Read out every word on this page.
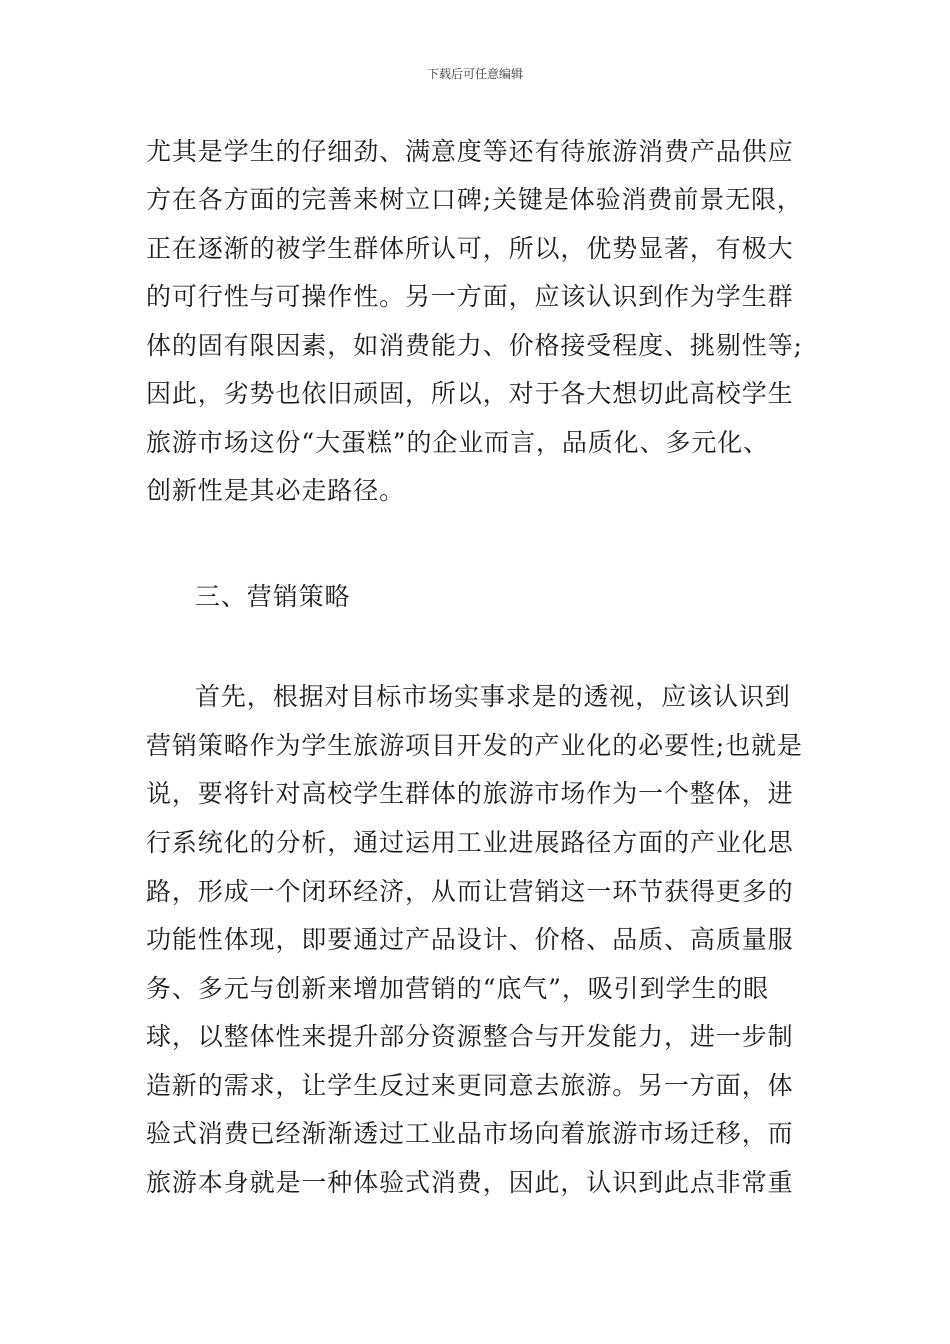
下载后可任意编辑
尤其是学生的仔细劲、满意度等还有待旅游消费产品供应
方在各方面的完善来树立口碑;关键是体验消费前景无限，
正在逐渐的被学生群体所认可，所以，优势显著，有极大
的可行性与可操作性。另一方面，应该认识到作为学生群
体的固有限因素，如消费能力、价格接受程度、挑剔性等;
因此，劣势也依旧顽固，所以，对于各大想切此高校学生
旅游市场这份“大蛋糕”的企业而言，品质化、多元化、
创新性是其必走路径。
三、营销策略
首先，根据对目标市场实事求是的透视，应该认识到
营销策略作为学生旅游项目开发的产业化的必要性;也就是
说，要将针对高校学生群体的旅游市场作为一个整体，进
行系统化的分析，通过运用工业进展路径方面的产业化思
路，形成一个闭环经济，从而让营销这一环节获得更多的
功能性体现，即要通过产品设计、价格、品质、高质量服
务、多元与创新来增加营销的“底气”，吸引到学生的眼
球，以整体性来提升部分资源整合与开发能力，进一步制
造新的需求，让学生反过来更同意去旅游。另一方面，体
验式消费已经渐渐透过工业品市场向着旅游市场迁移，而
旅游本身就是一种体验式消费，因此，认识到此点非常重
